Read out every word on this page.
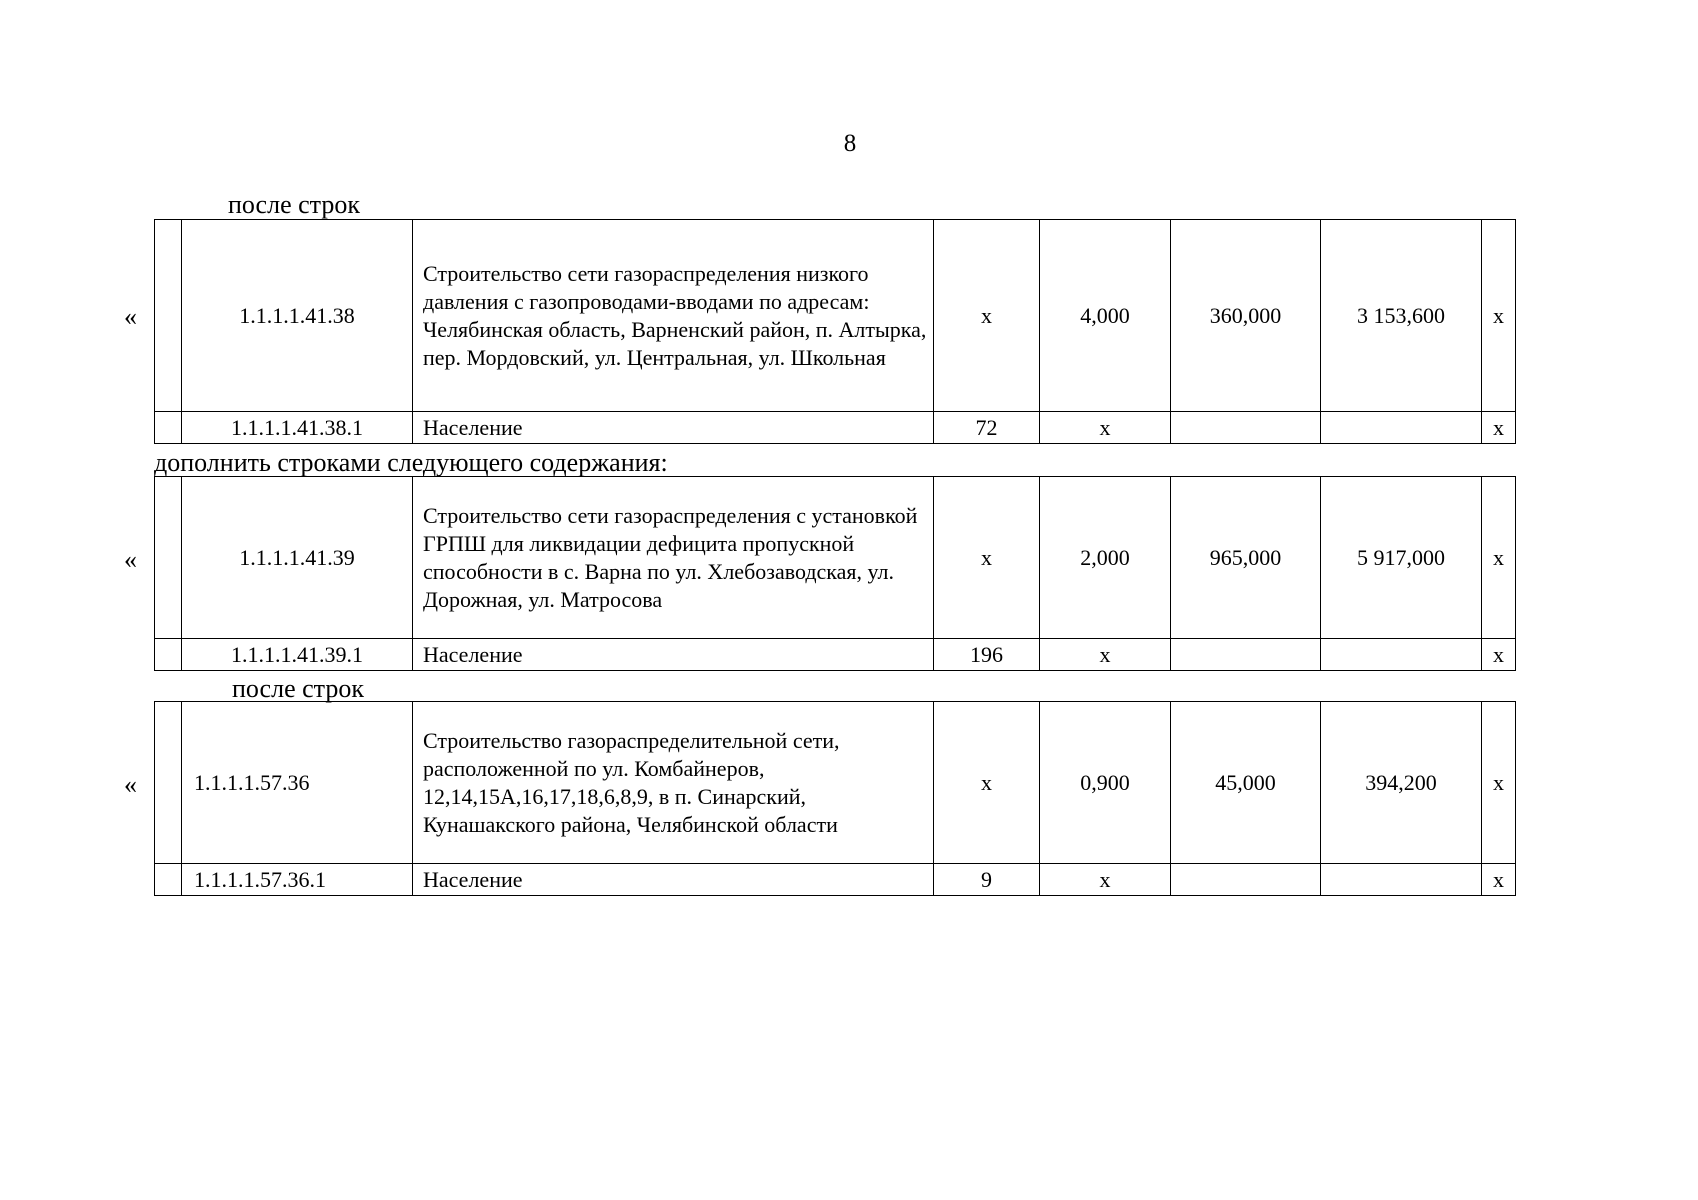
8
после строк
«
		1.1.1.1.41.38	Строительство сети газораспределения низкого давления с газопроводами-вводами по адресам: Челябинская область, Варненский район, п. Алтырка, пер. Мордовский, ул. Центральная, ул. Школьная	х	4,000	360,000	3 153,600	х
	1.1.1.1.41.38.1	Население	72	х			х
дополнить строками следующего содержания:
«
		1.1.1.1.41.39	Строительство сети газораспределения с установкой ГРПШ для ликвидации дефицита пропускной способности в с. Варна по ул. Хлебозаводская, ул. Дорожная, ул. Матросова	х	2,000	965,000	5 917,000	х
	1.1.1.1.41.39.1	Население	196	х			х
после строк
«
		1.1.1.1.57.36	Строительство газораспределительной сети, расположенной по ул. Комбайнеров, 12,14,15А,16,17,18,6,8,9, в п. Синарский, Кунашакского района, Челябинской области	х	0,900	45,000	394,200	х
	1.1.1.1.57.36.1	Население	9	х			х
